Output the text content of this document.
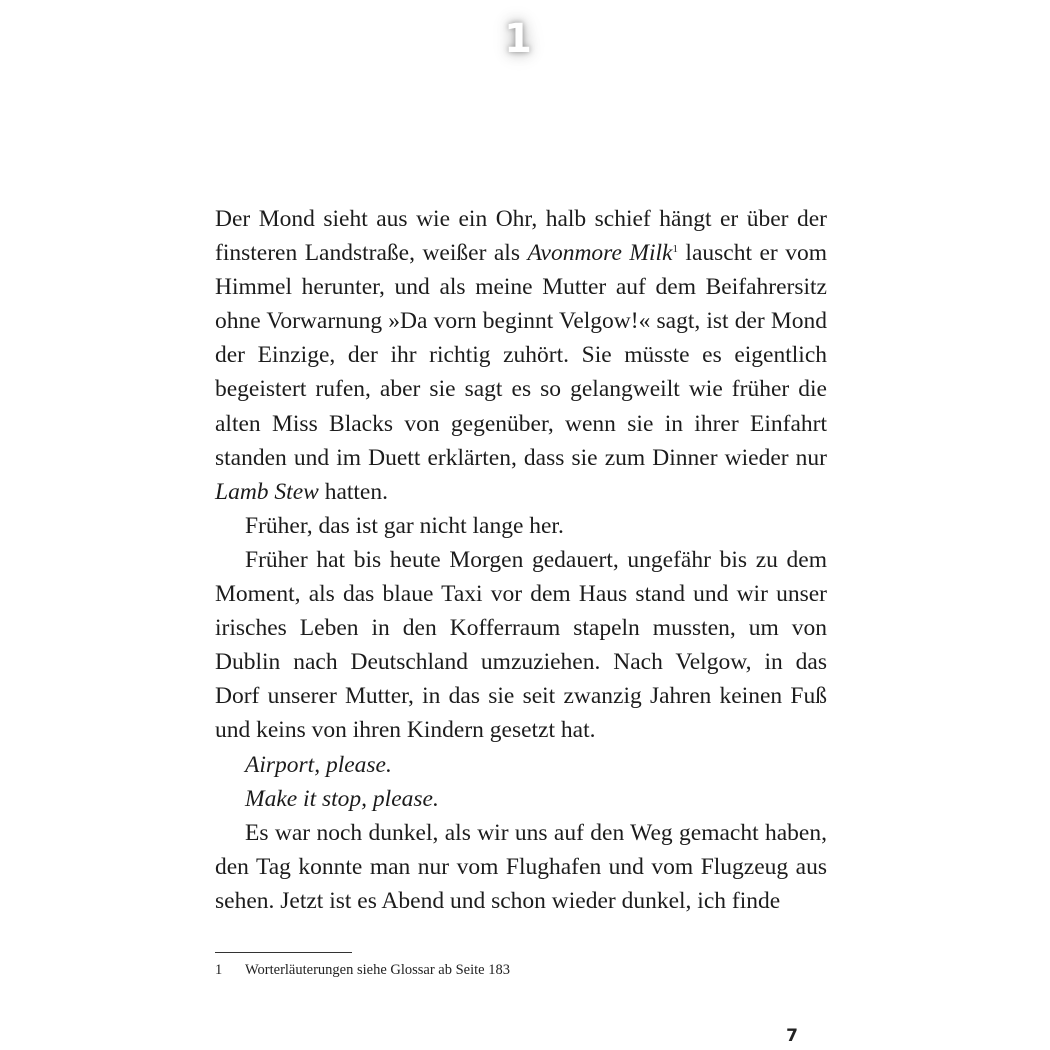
1

Der Mond sieht aus wie ein Ohr, halb schief hängt er über der finsteren Landstraße, weißer als Avonmore Milk$^1$ lauscht er vom Himmel herunter, und als meine Mutter auf dem Beifahrersitz ohne Vorwarnung »Da vorn beginnt Velgow!« sagt, ist der Mond der Einzige, der ihr richtig zuhört. Sie müsste es eigentlich begeistert rufen, aber sie sagt es so gelangweilt wie früher die alten Miss Blacks von gegenüber, wenn sie in ihrer Einfahrt standen und im Duett erklärten, dass sie zum Dinner wieder nur Lamb Stew hatten.

Früher, das ist gar nicht lange her.

Früher hat bis heute Morgen gedauert, ungefähr bis zu dem Moment, als das blaue Taxi vor dem Haus stand und wir unser irisches Leben in den Kofferraum stapeln mussten, um von Dublin nach Deutschland umzuziehen. Nach Velgow, in das Dorf unserer Mutter, in das sie seit zwanzig Jahren keinen Fuß und keins von ihren Kindern gesetzt hat.

Airport, please.

Make it stop, please.

Es war noch dunkel, als wir uns auf den Weg gemacht haben, den Tag konnte man nur vom Flughafen und vom Flugzeug aus sehen. Jetzt ist es Abend und schon wieder dunkel, ich finde

1 Worterläuterungen siehe Glossar ab Seite 183
7
